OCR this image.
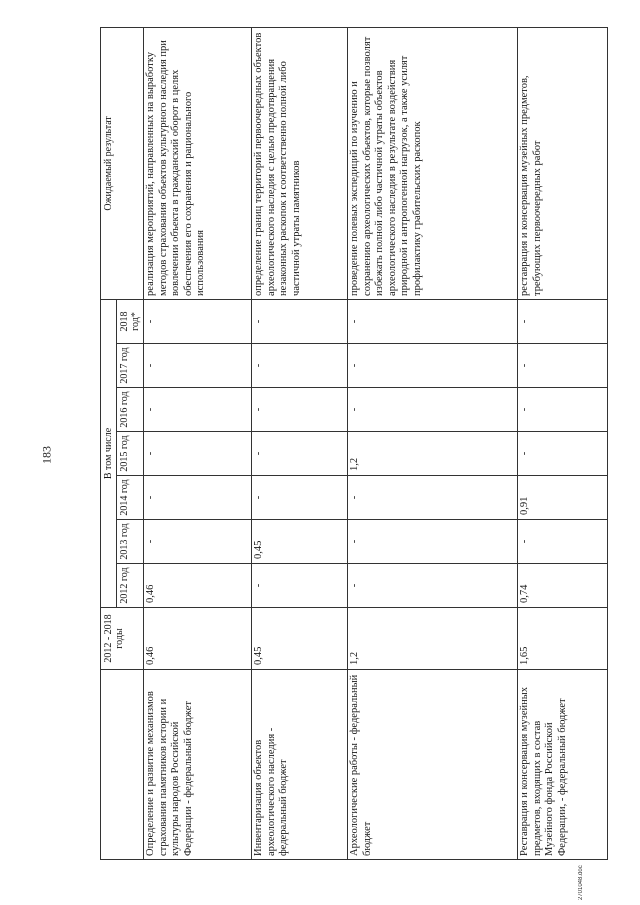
183
	2012 - 2018 годы	В том числе							Ожидаемый результат
		2012 год	2013 год	2014 год	2015 год	2016 год	2017 год	2018 год*	
Определение и развитие механизмов страхования памятников истории и культуры народов Российской Федерации - федеральный бюджет	0,46	0,46	-	-	-	-	-	-	реализация мероприятий, направленных на выработку методов страхования объектов культурного наследия при вовлечении объекта в гражданский оборот в целях обеспечения его сохранения и рационального использования
Инвентаризация объектов археологического наследия - федеральный бюджет	0,45	-	0,45	-	-	-	-	-	определение границ территорий первоочередных объектов археологического наследия с целью предотвращения незаконных раскопок и соответственно полной либо частичной утраты памятников
Археологические работы - федеральный бюджет	1,2	-	-	-	1,2	-	-	-	проведение полевых экспедиций по изучению и сохранению археологических объектов, которые позволят избежать полной либо частичной утраты объектов археологического наследия в результате воздействия природной и антропогенной нагрузок, а также усилят профилактику грабительских раскопок
Реставрация и консервация музейных предметов, входящих в состав Музейного фонда Российской Федерации, - федеральный бюджет	1,65	0,74	-	0,91	-	-	-	-	реставрация и консервация музейных предметов, требующих первоочередных работ
2701048.doc
